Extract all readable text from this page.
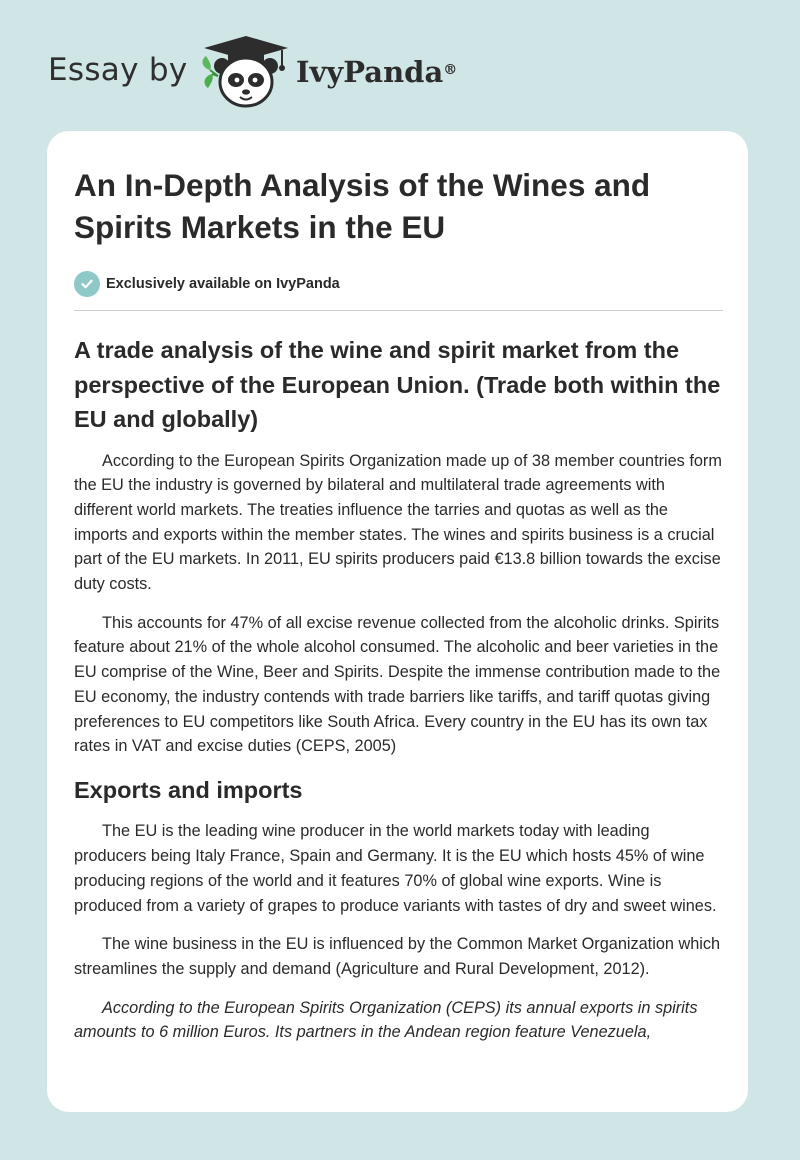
Essay by	IvyPanda®
An In-Depth Analysis of the Wines and Spirits Markets in the EU
Exclusively available on IvyPanda
A trade analysis of the wine and spirit market from the perspective of the European Union. (Trade both within the EU and globally)

According to the European Spirits Organization made up of 38 member countries form the EU the industry is governed by bilateral and multilateral trade agreements with different world markets. The treaties influence the tarries and quotas as well as the imports and exports within the member states. The wines and spirits business is a crucial part of the EU markets. In 2011, EU spirits producers paid €13.8 billion towards the excise duty costs.

This accounts for 47% of all excise revenue collected from the alcoholic drinks. Spirits feature about 21% of the whole alcohol consumed. The alcoholic and beer varieties in the EU comprise of the Wine, Beer and Spirits. Despite the immense contribution made to the EU economy, the industry contends with trade barriers like tariffs, and tariff quotas giving preferences to EU competitors like South Africa. Every country in the EU has its own tax rates in VAT and excise duties (CEPS, 2005)

Exports and imports

The EU is the leading wine producer in the world markets today with leading producers being Italy France, Spain and Germany. It is the EU which hosts 45% of wine producing regions of the world and it features 70% of global wine exports. Wine is produced from a variety of grapes to produce variants with tastes of dry and sweet wines.

The wine business in the EU is influenced by the Common Market Organization which streamlines the supply and demand (Agriculture and Rural Development, 2012).

According to the European Spirits Organization (CEPS) its annual exports in spirits amounts to 6 million Euros. Its partners in the Andean region feature Venezuela,
